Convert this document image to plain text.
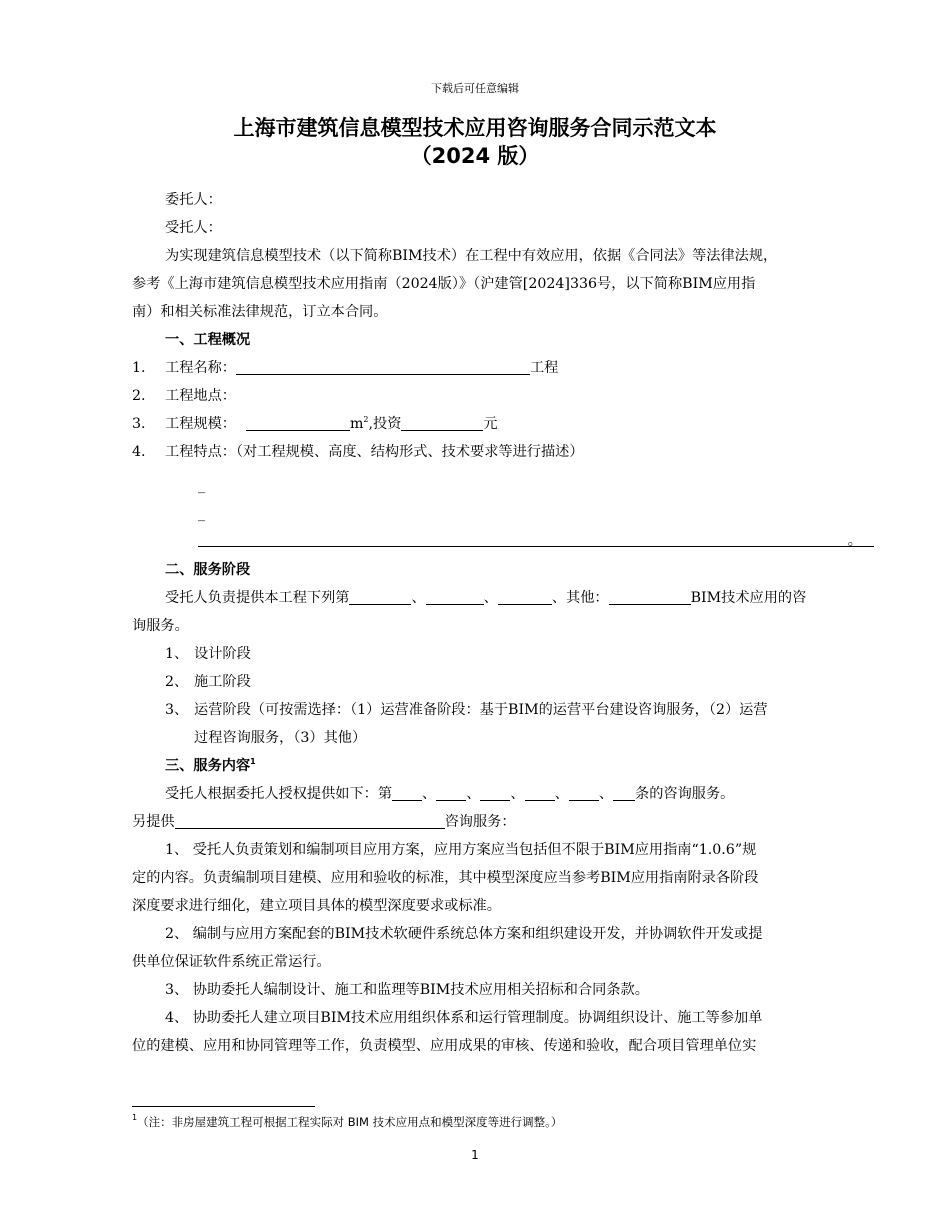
下载后可任意编辑
上海市建筑信息模型技术应用咨询服务合同示范文本
（2024 版）
委托人：
受托人：
为实现建筑信息模型技术（以下简称BIM技术）在工程中有效应用，依据《合同法》等法律法规，
参考《上海市建筑信息模型技术应用指南（2024版）》（沪建管[2024]336号，以下简称BIM应用指
南）和相关标准法律规范，订立本合同。
一、工程概况
1. 工程名称：	工程
2. 工程地点：
3. 工程规模：	$m^2$,投资	元
4. 工程特点：（对工程规模、高度、结构形式、技术要求等进行描述）
_
_
。
二、服务阶段
受托人负责提供本工程下列第	、	、	、其他：	BIM技术应用的咨
询服务。
1、 设计阶段
2、 施工阶段
3、 运营阶段（可按需选择：（1）运营准备阶段：基于BIM的运营平台建设咨询服务，（2）运营
过程咨询服务，（3）其他）
三、服务内容$^1$
受托人根据委托人授权提供如下：第 、 、 、 、 、 条的咨询服务。
另提供	咨询服务：
1、 受托人负责策划和编制项目应用方案，应用方案应当包括但不限于BIM应用指南“1.0.6”规
定的内容。负责编制项目建模、应用和验收的标准，其中模型深度应当参考BIM应用指南附录各阶段
深度要求进行细化，建立项目具体的模型深度要求或标准。
2、 编制与应用方案配套的BIM技术软硬件系统总体方案和组织建设开发，并协调软件开发或提
供单位保证软件系统正常运行。
3、 协助委托人编制设计、施工和监理等BIM技术应用相关招标和合同条款。
4、 协助委托人建立项目BIM技术应用组织体系和运行管理制度。协调组织设计、施工等参加单
位的建模、应用和协同管理等工作，负责模型、应用成果的审核、传递和验收，配合项目管理单位实
$^1$（注：非房屋建筑工程可根据工程实际对 BIM 技术应用点和模型深度等进行调整。）
1
